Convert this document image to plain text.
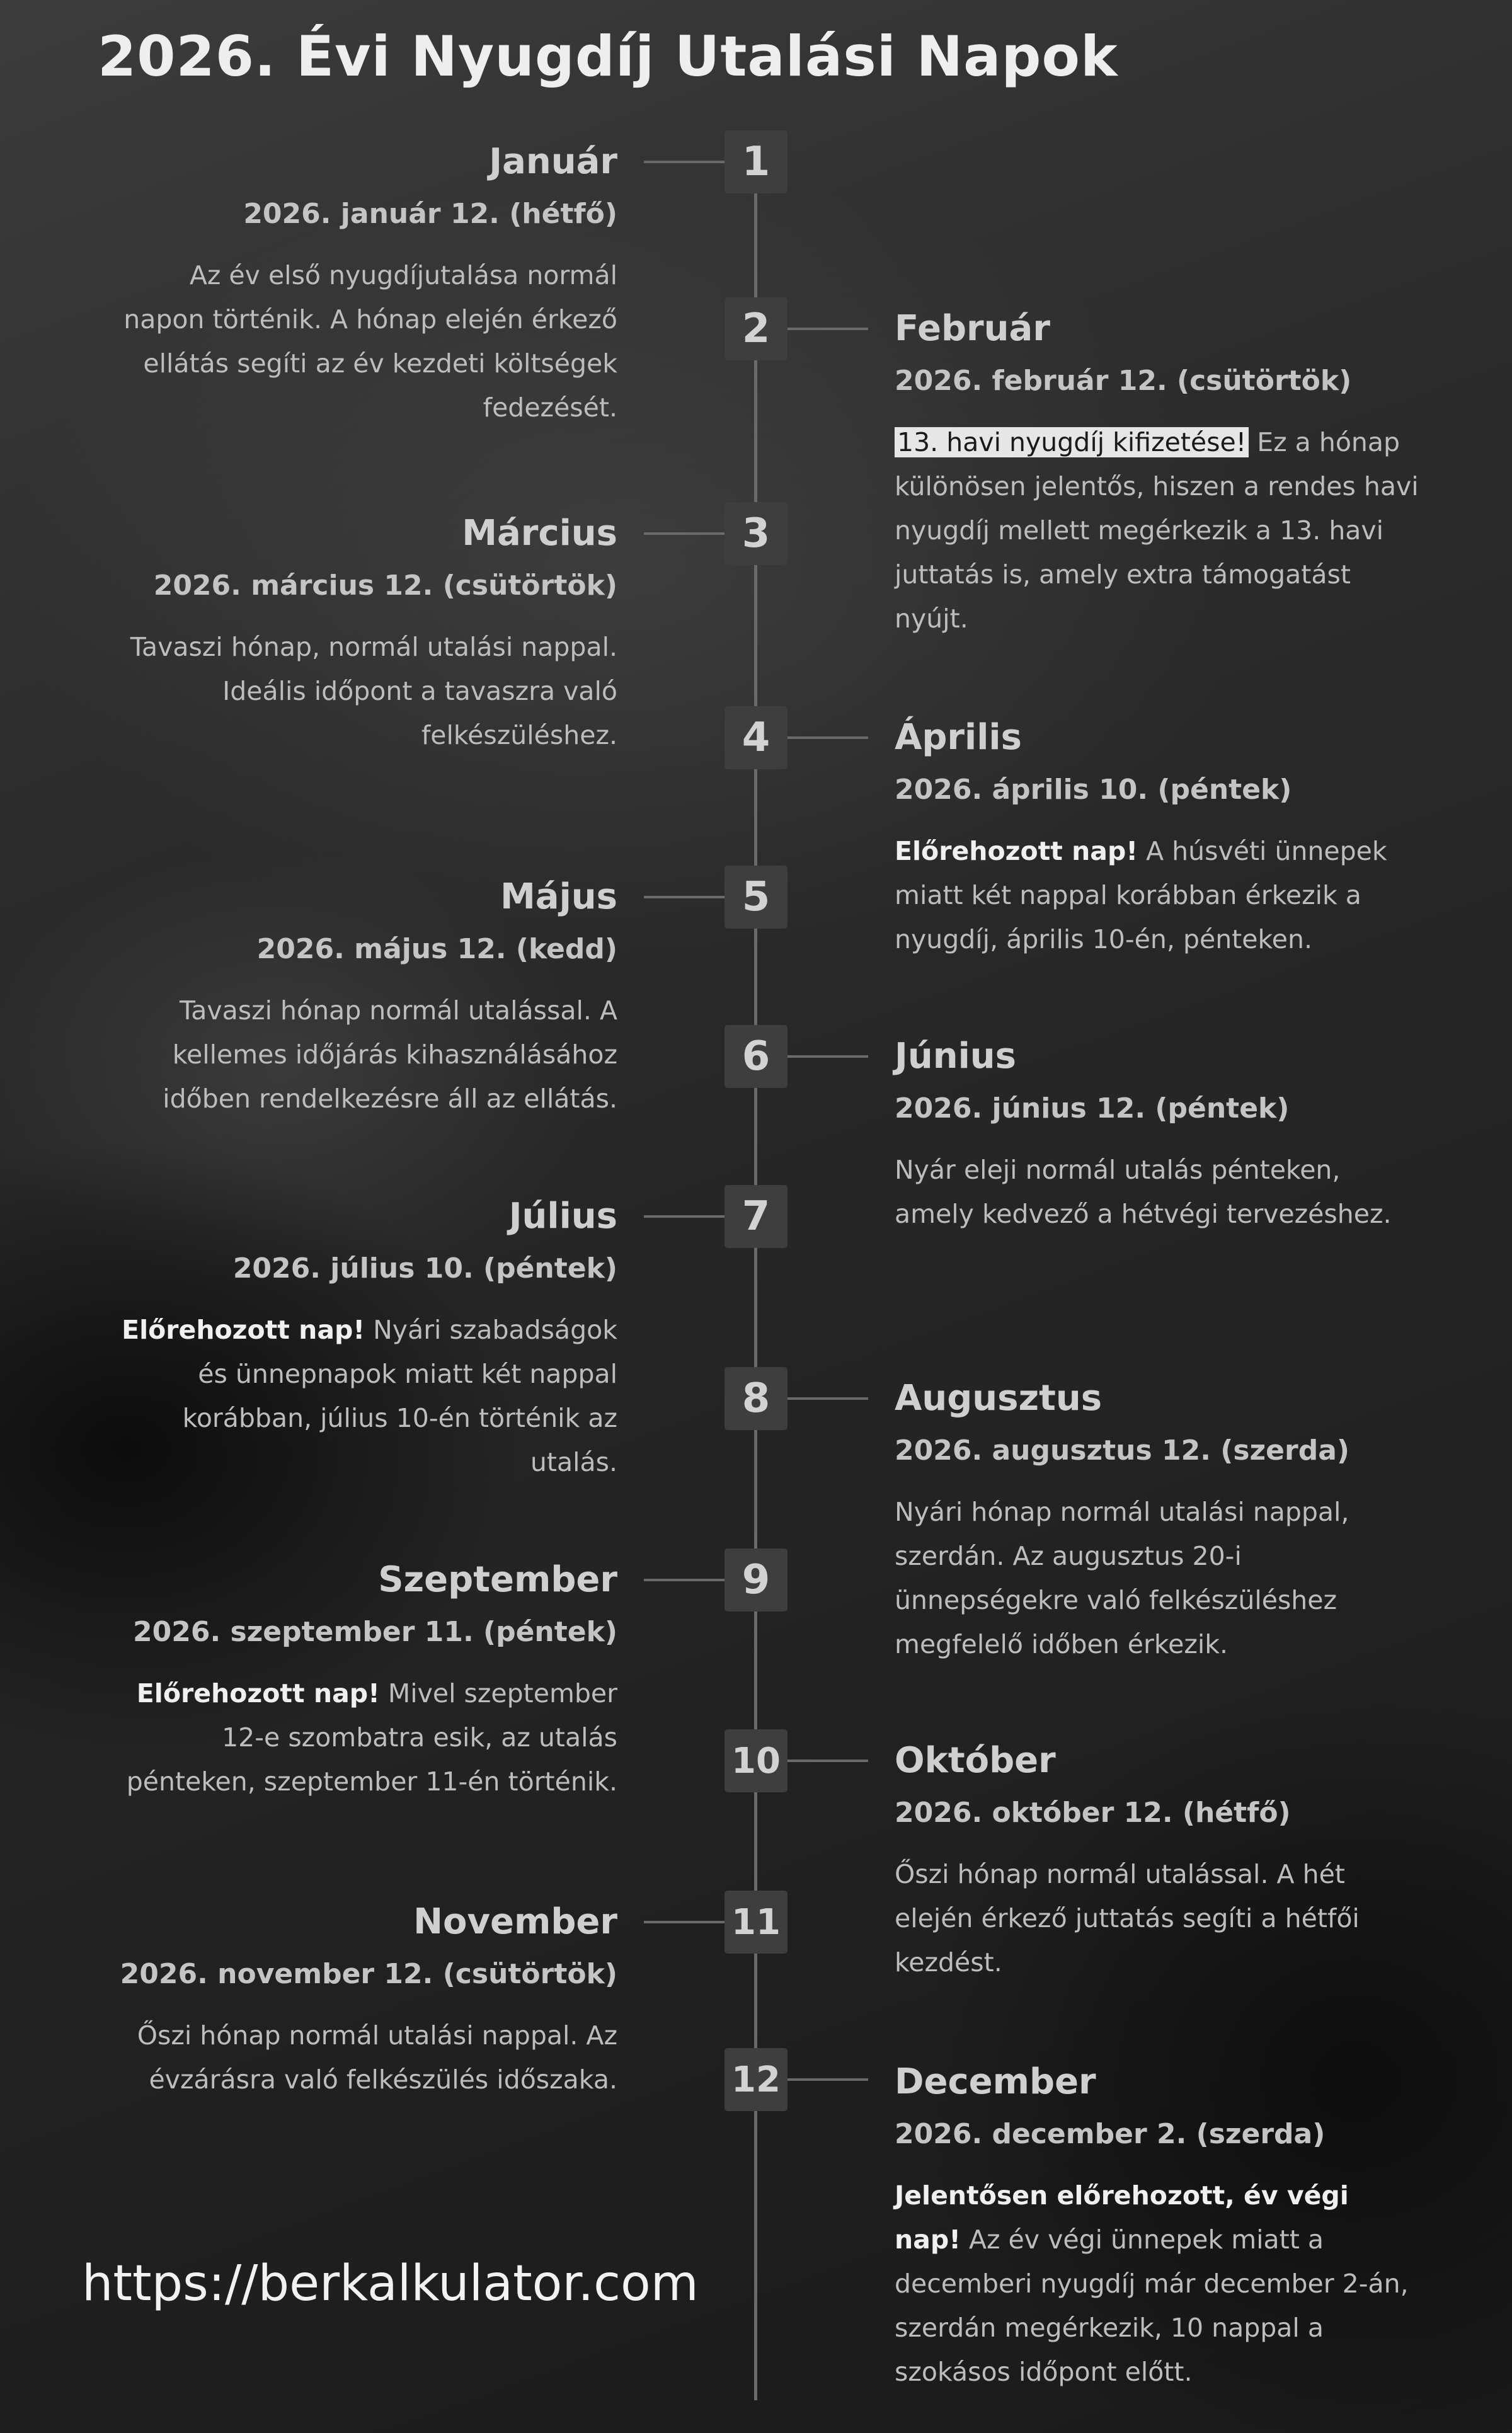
2026. Évi Nyugdíj Utalási Napok
1
Január
2026. január 12. (hétfő)
Az év első nyugdíjutalása normál napon történik. A hónap elején érkező ellátás segíti az év kezdeti költségek fedezését.
2	Február
2026. február 12. (csütörtök)
13. havi nyugdíj kifizetése! Ez a hónap különösen jelentős, hiszen a rendes havi nyugdíj mellett megérkezik a 13. havi juttatás is, amely extra támogatást nyújt.
3
Március
2026. március 12. (csütörtök)
Tavaszi hónap, normál utalási nappal. Ideális időpont a tavaszra való felkészüléshez.	4	Április
2026. április 10. (péntek)
Előrehozott nap! A húsvéti ünnepek miatt két nappal korábban érkezik a nyugdíj, április 10-én, pénteken.
5
Május
2026. május 12. (kedd)
Tavaszi hónap normál utalással. A kellemes időjárás kihasználásához időben rendelkezésre áll az ellátás.
6	Június
2026. június 12. (péntek)
Nyár eleji normál utalás pénteken, amely kedvező a hétvégi tervezéshez.
7
Július
2026. július 10. (péntek)
Előrehozott nap! Nyári szabadságok és ünnepnapok miatt két nappal korábban, július 10-én történik az utalás.
8	Augusztus
2026. augusztus 12. (szerda)
Nyári hónap normál utalási nappal, szerdán. Az augusztus 20-i ünnepségekre való felkészüléshez megfelelő időben érkezik.
9
Szeptember
2026. szeptember 11. (péntek)
Előrehozott nap! Mivel szeptember 12-e szombatra esik, az utalás pénteken, szeptember 11-én történik.
10	Október
2026. október 12. (hétfő)
Őszi hónap normál utalással. A hét elején érkező juttatás segíti a hétfői kezdést.
11
November
2026. november 12. (csütörtök)
Őszi hónap normál utalási nappal. Az évzárásra való felkészülés időszaka.	12	December
2026. december 2. (szerda)
Jelentősen előrehozott, év végi nap! Az év végi ünnepek miatt a decemberi nyugdíj már december 2-án, szerdán megérkezik, 10 nappal a szokásos időpont előtt.
https://berkalkulator.com
